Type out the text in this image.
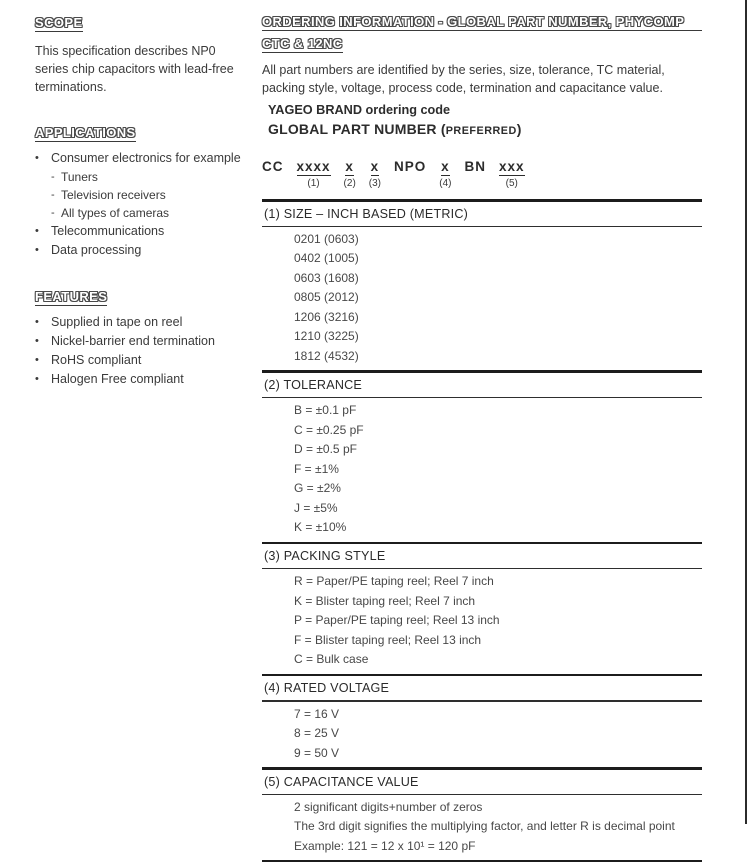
SCOPE

This specification describes NP0 series chip capacitors with lead-free terminations.

APPLICATIONS
• Consumer electronics for example
- Tuners
- Television receivers
- All types of cameras
• Telecommunications
• Data processing
FEATURES
• Supplied in tape on reel
• Nickel-barrier end termination
• RoHS compliant
• Halogen Free compliant
ORDERING INFORMATION - GLOBAL PART NUMBER, PHYCOMP
CTC & 12NC

All part numbers are identified by the series, size, tolerance, TC material, packing style, voltage, process code, termination and capacitance value.

YAGEO BRAND ordering code

GLOBAL PART NUMBER (PREFERRED)

CC xxxx
(1)
x
(2)
x
(3)
NPO x
(4)
BN xxx
(5)
(1) SIZE – INCH BASED (METRIC)
0201 (0603)
0402 (1005)
0603 (1608)
0805 (2012)
1206 (3216)
1210 (3225)
1812 (4532)
(2) TOLERANCE
B = ±0.1 pF
C = ±0.25 pF
D = ±0.5 pF
F = ±1%
G = ±2%
J = ±5%
K = ±10%
(3) PACKING STYLE
R = Paper/PE taping reel; Reel 7 inch
K = Blister taping reel; Reel 7 inch
P = Paper/PE taping reel; Reel 13 inch
F = Blister taping reel; Reel 13 inch
C = Bulk case
(4) RATED VOLTAGE
7 = 16 V
8 = 25 V
9 = 50 V
(5) CAPACITANCE VALUE
2 significant digits+number of zeros
The 3rd digit signifies the multiplying factor, and letter R is decimal point
Example: 121 = 12 x 10¹ = 120 pF
